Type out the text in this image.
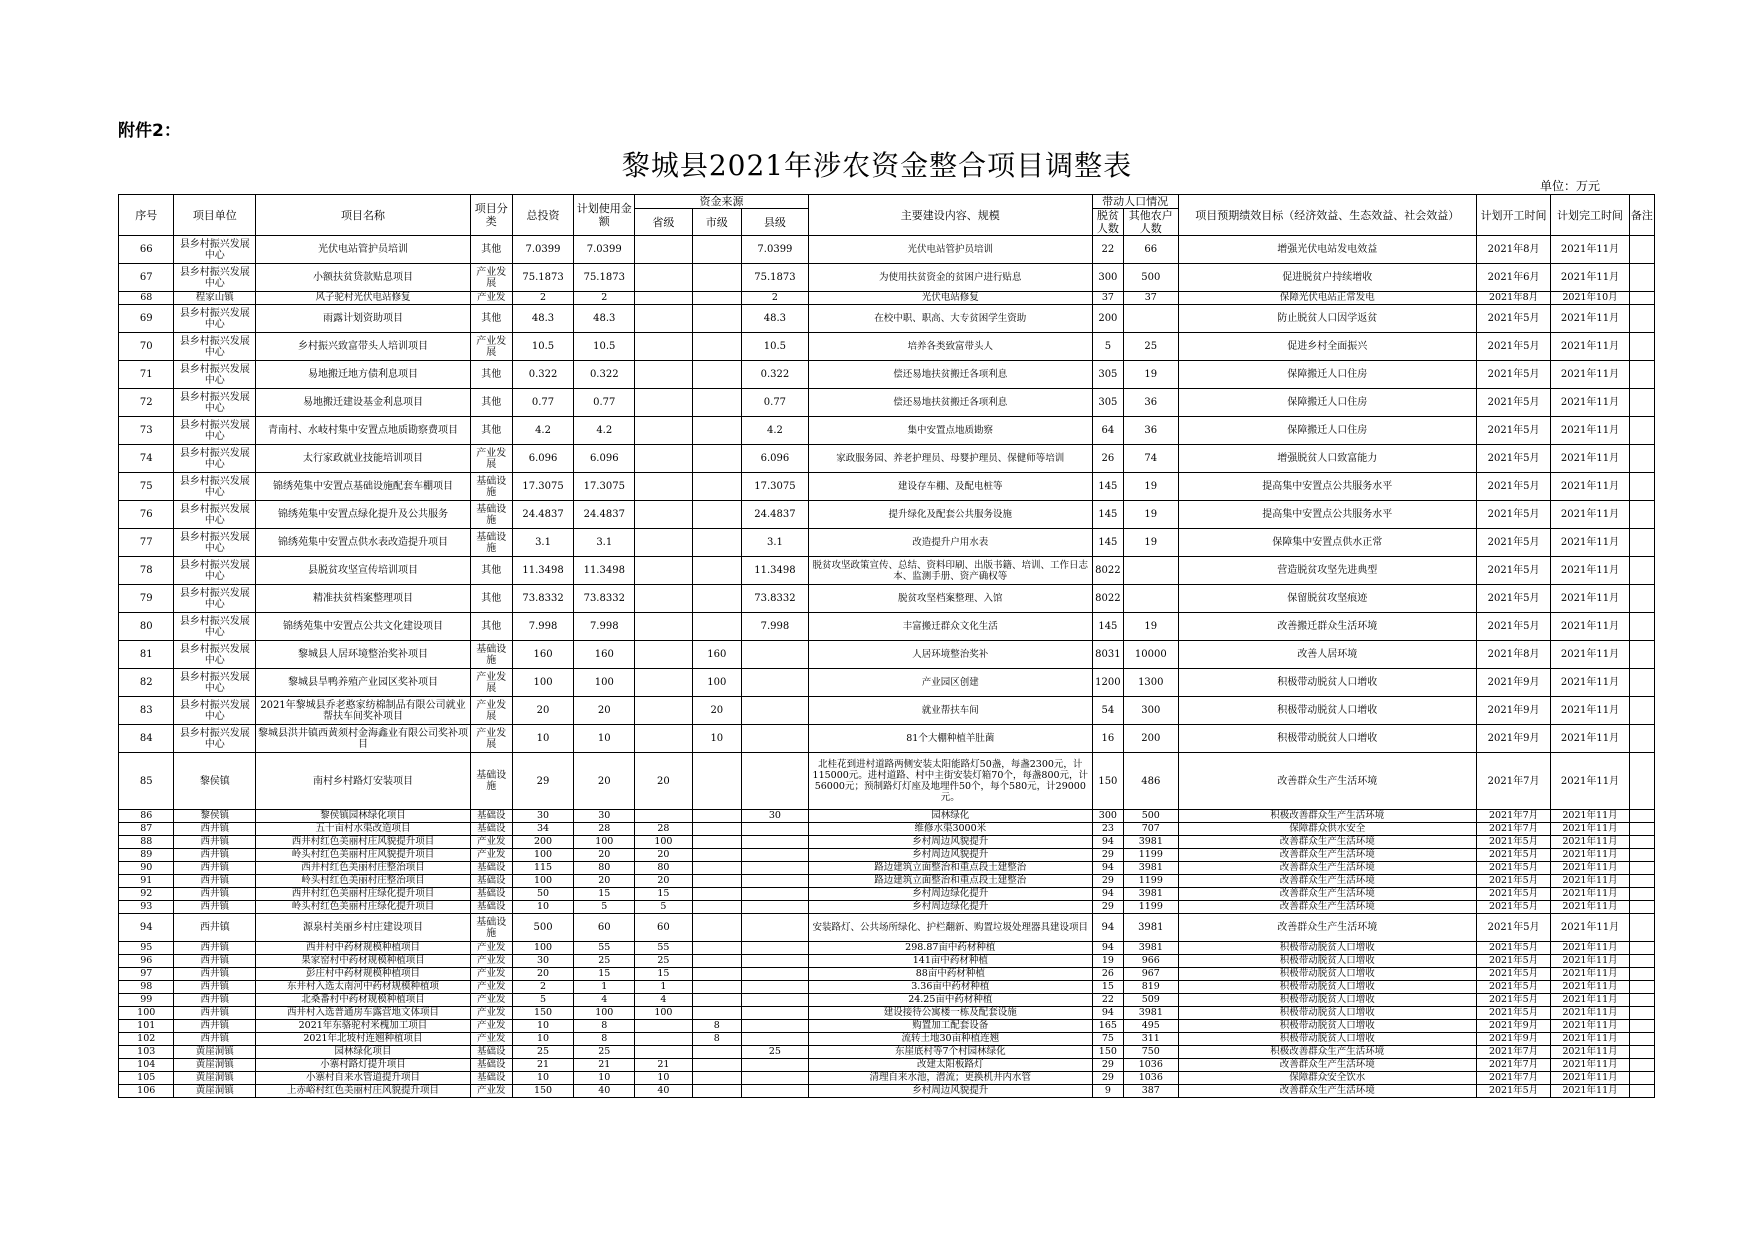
附件2：
黎城县2021年涉农资金整合项目调整表
单位：万元
序号	项目单位	项目名称	项目分类	总投资	计划使用金额	资金来源			主要建设内容、规模	带动人口情况		项目预期绩效目标（经济效益、生态效益、社会效益）	计划开工时间	计划完工时间	备注
						省级	市级	县级		脱贫人数	其他农户人数				
66	县乡村振兴发展中心	光伏电站管护员培训	其他	7.0399	7.0399			7.0399	光伏电站管护员培训	22	66	增强光伏电站发电效益	2021年8月	2021年11月	
67	县乡村振兴发展中心	小额扶贫贷款贴息项目	产业发展	75.1873	75.1873			75.1873	为使用扶贫资金的贫困户进行贴息	300	500	促进脱贫户持续增收	2021年6月	2021年11月	
68	程家山镇	风子驼村光伏电站修复	产业发	2	2			2	光伏电站修复	37	37	保障光伏电站正常发电	2021年8月	2021年10月	
69	县乡村振兴发展中心	雨露计划资助项目	其他	48.3	48.3			48.3	在校中职、职高、大专贫困学生资助	200		防止脱贫人口因学返贫	2021年5月	2021年11月	
70	县乡村振兴发展中心	乡村振兴致富带头人培训项目	产业发展	10.5	10.5			10.5	培养各类致富带头人	5	25	促进乡村全面振兴	2021年5月	2021年11月	
71	县乡村振兴发展中心	易地搬迁地方债利息项目	其他	0.322	0.322			0.322	偿还易地扶贫搬迁各项利息	305	19	保障搬迁人口住房	2021年5月	2021年11月	
72	县乡村振兴发展中心	易地搬迁建设基金利息项目	其他	0.77	0.77			0.77	偿还易地扶贫搬迁各项利息	305	36	保障搬迁人口住房	2021年5月	2021年11月	
73	县乡村振兴发展中心	青南村、水岐村集中安置点地质勘察费项目	其他	4.2	4.2			4.2	集中安置点地质勘察	64	36	保障搬迁人口住房	2021年5月	2021年11月	
74	县乡村振兴发展中心	太行家政就业技能培训项目	产业发展	6.096	6.096			6.096	家政服务园、养老护理员、母婴护理员、保健师等培训	26	74	增强脱贫人口致富能力	2021年5月	2021年11月	
75	县乡村振兴发展中心	锦绣苑集中安置点基础设施配套车棚项目	基础设施	17.3075	17.3075			17.3075	建设存车棚、及配电桩等	145	19	提高集中安置点公共服务水平	2021年5月	2021年11月	
76	县乡村振兴发展中心	锦绣苑集中安置点绿化提升及公共服务	基础设施	24.4837	24.4837			24.4837	提升绿化及配套公共服务设施	145	19	提高集中安置点公共服务水平	2021年5月	2021年11月	
77	县乡村振兴发展中心	锦绣苑集中安置点供水表改造提升项目	基础设施	3.1	3.1			3.1	改造提升户用水表	145	19	保障集中安置点供水正常	2021年5月	2021年11月	
78	县乡村振兴发展中心	县脱贫攻坚宣传培训项目	其他	11.3498	11.3498			11.3498	脱贫攻坚政策宣传、总结、资料印刷、出版书籍、培训、工作日志本、监测手册、资产确权等	8022		营造脱贫攻坚先进典型	2021年5月	2021年11月	
79	县乡村振兴发展中心	精准扶贫档案整理项目	其他	73.8332	73.8332			73.8332	脱贫攻坚档案整理、入馆	8022		保留脱贫攻坚痕迹	2021年5月	2021年11月	
80	县乡村振兴发展中心	锦绣苑集中安置点公共文化建设项目	其他	7.998	7.998			7.998	丰富搬迁群众文化生活	145	19	改善搬迁群众生活环境	2021年5月	2021年11月	
81	县乡村振兴发展中心	黎城县人居环境整治奖补项目	基础设施	160	160		160		人居环境整治奖补	8031	10000	改善人居环境	2021年8月	2021年11月	
82	县乡村振兴发展中心	黎城县旱鸭养殖产业园区奖补项目	产业发展	100	100		100		产业园区创建	1200	1300	积极带动脱贫人口增收	2021年9月	2021年11月	
83	县乡村振兴发展中心	2021年黎城县乔老憨家纺棉制品有限公司就业帮扶车间奖补项目	产业发展	20	20		20		就业帮扶车间	54	300	积极带动脱贫人口增收	2021年9月	2021年11月	
84	县乡村振兴发展中心	黎城县洪井镇西黄须村金海鑫业有限公司奖补项目	产业发展	10	10		10		81个大棚种植羊肚菌	16	200	积极带动脱贫人口增收	2021年9月	2021年11月	
85	黎侯镇	南村乡村路灯安装项目	基础设施	29	20	20			北桂花到进村道路两侧安装太阳能路灯50盏，每盏2300元，计115000元。进村道路、村中主街安装灯箱70个，每盏800元，计56000元；预制路灯灯座及地埋件50个，每个580元，计29000元。	150	486	改善群众生产生活环境	2021年7月	2021年11月	
86	黎侯镇	黎侯镇园林绿化项目	基础设	30	30			30	园林绿化	300	500	积极改善群众生产生活环境	2021年7月	2021年11月	
87	西井镇	五十亩村水渠改造项目	基础设	34	28	28			维修水渠3000米	23	707	保障群众供水安全	2021年7月	2021年11月	
88	西井镇	西井村红色美丽村庄风貌提升项目	产业发	200	100	100			乡村周边风貌提升	94	3981	改善群众生产生活环境	2021年5月	2021年11月	
89	西井镇	岭头村红色美丽村庄风貌提升项目	产业发	100	20	20			乡村周边风貌提升	29	1199	改善群众生产生活环境	2021年5月	2021年11月	
90	西井镇	西井村红色美丽村庄整治项目	基础设	115	80	80			路边建筑立面整治和重点段土建整治	94	3981	改善群众生产生活环境	2021年5月	2021年11月	
91	西井镇	岭头村红色美丽村庄整治项目	基础设	100	20	20			路边建筑立面整治和重点段土建整治	29	1199	改善群众生产生活环境	2021年5月	2021年11月	
92	西井镇	西井村红色美丽村庄绿化提升项目	基础设	50	15	15			乡村周边绿化提升	94	3981	改善群众生产生活环境	2021年5月	2021年11月	
93	西井镇	岭头村红色美丽村庄绿化提升项目	基础设	10	5	5			乡村周边绿化提升	29	1199	改善群众生产生活环境	2021年5月	2021年11月	
94	西井镇	源泉村美丽乡村庄建设项目	基础设施	500	60	60			安装路灯、公共场所绿化、护栏翻新、购置垃圾处理器具建设项目	94	3981	改善群众生产生活环境	2021年5月	2021年11月	
95	西井镇	西井村中药材规模种植项目	产业发	100	55	55			298.87亩中药材种植	94	3981	积极带动脱贫人口增收	2021年5月	2021年11月	
96	西井镇	果家窑村中药材规模种植项目	产业发	30	25	25			141亩中药材种植	19	966	积极带动脱贫人口增收	2021年5月	2021年11月	
97	西井镇	彭庄村中药材规模种植项目	产业发	20	15	15			88亩中药材种植	26	967	积极带动脱贫人口增收	2021年5月	2021年11月	
98	西井镇	东井村入选太南河中药材规模种植项	产业发	2	1	1			3.36亩中药材种植	15	819	积极带动脱贫人口增收	2021年5月	2021年11月	
99	西井镇	北桑番村中药材规模种植项目	产业发	5	4	4			24.25亩中药材种植	22	509	积极带动脱贫人口增收	2021年5月	2021年11月	
100	西井镇	西井村入选普通房车露营地文体项目	产业发	150	100	100			建设接待公寓楼一栋及配套设施	94	3981	积极带动脱贫人口增收	2021年5月	2021年11月	
101	西井镇	2021年东骆驼村米槐加工项目	产业发	10	8		8		购置加工配套设备	165	495	积极带动脱贫人口增收	2021年9月	2021年11月	
102	西井镇	2021年北坡村连翘种植项目	产业发	10	8		8		流转土地30亩种植连翘	75	311	积极带动脱贫人口增收	2021年9月	2021年11月	
103	黄崖洞镇	园林绿化项目	基础设	25	25			25	东崖底村等7个村园林绿化	150	750	积极改善群众生产生活环境	2021年7月	2021年11月	
104	黄崖洞镇	小寨村路灯提升项目	基础设	21	21	21			改建太阳板路灯	29	1036	改善群众生产生活环境	2021年7月	2021年11月	
105	黄崖洞镇	小寨村自来水管道提升项目	基础设	10	10	10			清理自来水池，潜流；更换机井内水管	29	1036	保障群众安全饮水	2021年7月	2021年11月	
106	黄崖洞镇	上赤峪村红色美丽村庄风貌提升项目	产业发	150	40	40			乡村周边风貌提升	9	387	改善群众生产生活环境	2021年5月	2021年11月	
